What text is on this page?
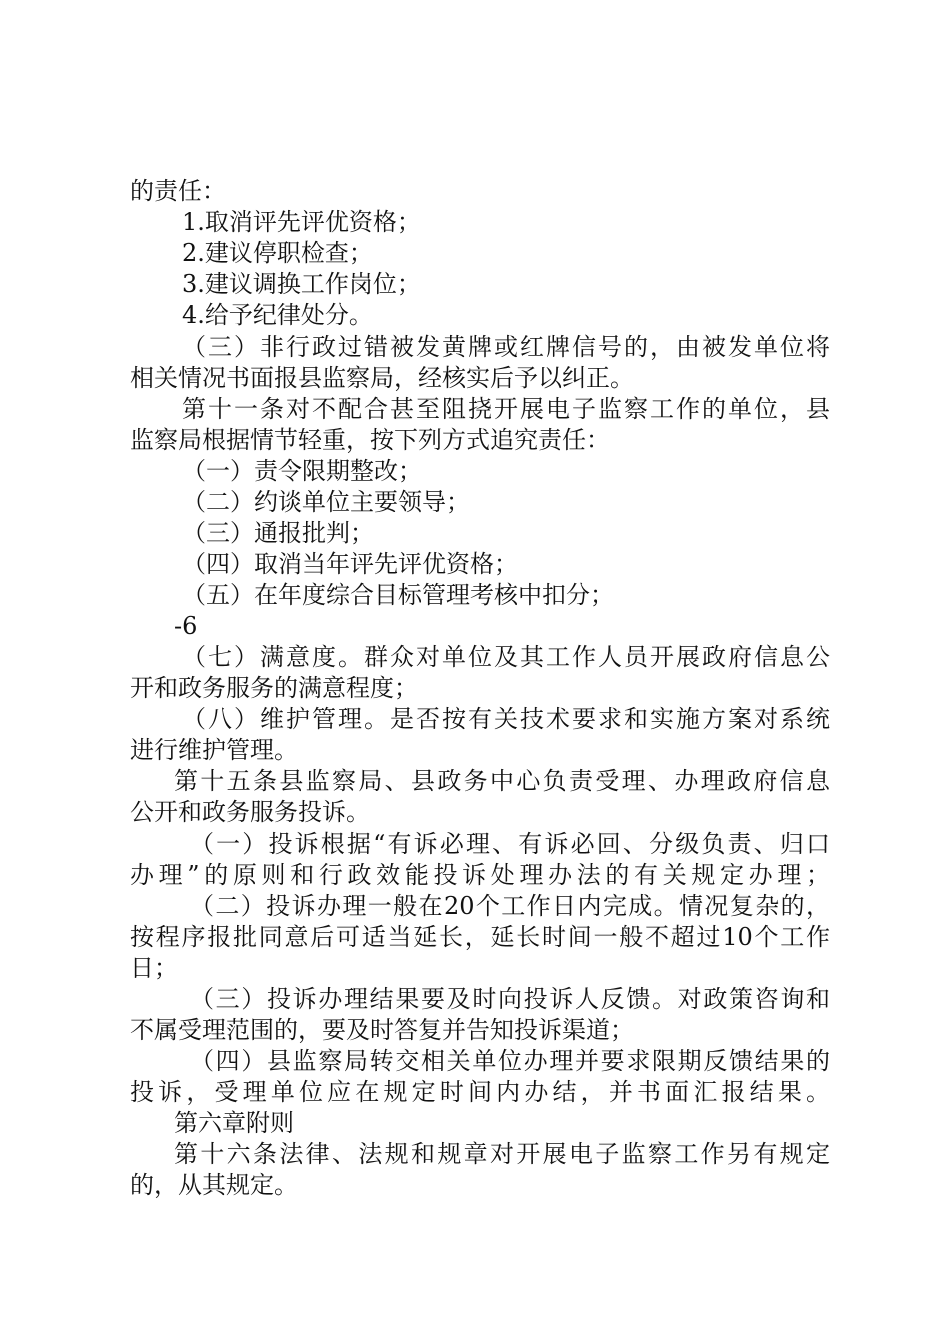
的责任：
1.取消评先评优资格；
2.建议停职检查；
3.建议调换工作岗位；
4.给予纪律处分。
（三）非行政过错被发黄牌或红牌信号的，由被发单位将
相关情况书面报县监察局，经核实后予以纠正。
第十一条对不配合甚至阻挠开展电子监察工作的单位，县
监察局根据情节轻重，按下列方式追究责任：
（一）责令限期整改；
（二）约谈单位主要领导；
（三）通报批判；
（四）取消当年评先评优资格；
（五）在年度综合目标管理考核中扣分；
-6
（七）满意度。群众对单位及其工作人员开展政府信息公
开和政务服务的满意程度；
（八）维护管理。是否按有关技术要求和实施方案对系统
进行维护管理。
第十五条县监察局、县政务中心负责受理、办理政府信息
公开和政务服务投诉。
（一）投诉根据“有诉必理、有诉必回、分级负责、归口
办理”的原则和行政效能投诉处理办法的有关规定办理；
（二）投诉办理一般在20个工作日内完成。情况复杂的，
按程序报批同意后可适当延长，延长时间一般不超过10个工作
日；
（三）投诉办理结果要及时向投诉人反馈。对政策咨询和
不属受理范围的，要及时答复并告知投诉渠道；
（四）县监察局转交相关单位办理并要求限期反馈结果的
投诉，受理单位应在规定时间内办结，并书面汇报结果。
第六章附则
第十六条法律、法规和规章对开展电子监察工作另有规定
的，从其规定。
